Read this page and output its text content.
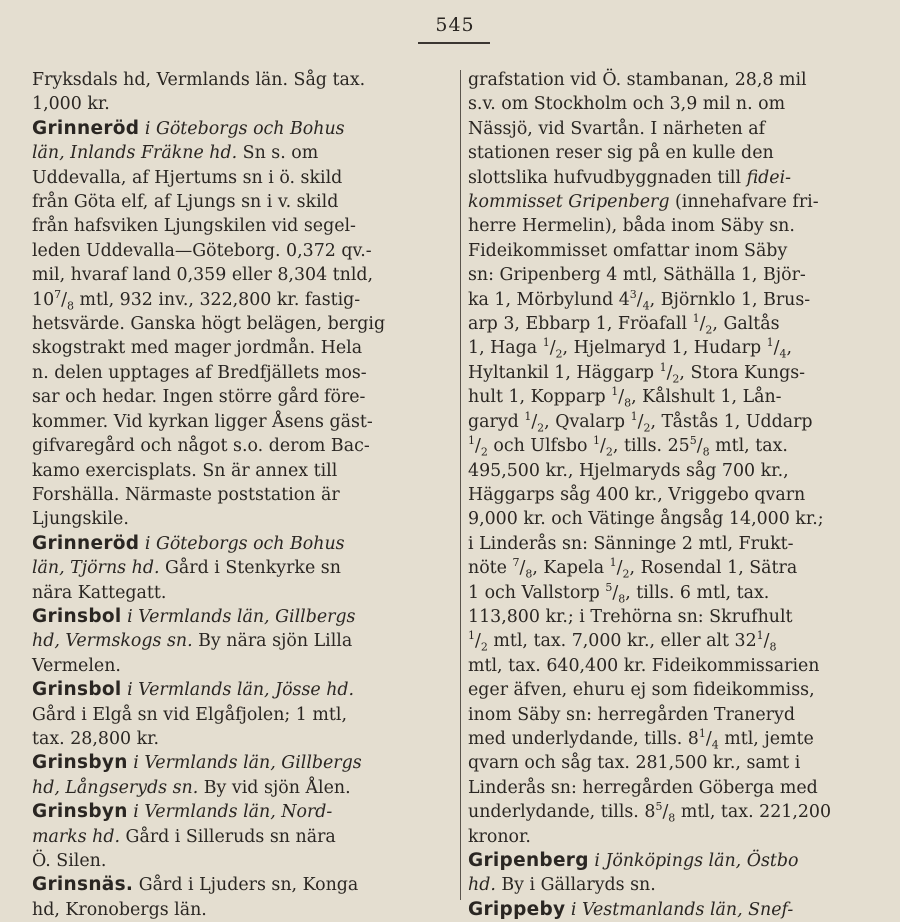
545
Fryksdals hd, Vermlands län. Såg tax.
1,000 kr.
Grinneröd i Göteborgs och Bohus
län, Inlands Fräkne hd. Sn s. om
Uddevalla, af Hjertums sn i ö. skild
från Göta elf, af Ljungs sn i v. skild
från hafsviken Ljungskilen vid segel-
leden Uddevalla—Göteborg. 0,372 qv.-
mil, hvaraf land 0,359 eller 8,304 tnld,
$10^7/_8$ mtl, 932 inv., 322,800 kr. fastig-
hetsvärde. Ganska högt belägen, bergig
skogstrakt med mager jordmån. Hela
n. delen upptages af Bredfjällets mos-
sar och hedar. Ingen större gård före-
kommer. Vid kyrkan ligger Åsens gäst-
gifvaregård och något s.o. derom Bac-
kamo exercisplats. Sn är annex till
Forshälla. Närmaste poststation är
Ljungskile.
Grinneröd i Göteborgs och Bohus
län, Tjörns hd. Gård i Stenkyrke sn
nära Kattegatt.
Grinsbol i Vermlands län, Gillbergs
hd, Vermskogs sn. By nära sjön Lilla
Vermelen.
Grinsbol i Vermlands län, Jösse hd.
Gård i Elgå sn vid Elgåfjolen; 1 mtl,
tax. 28,800 kr.
Grinsbyn i Vermlands län, Gillbergs
hd, Långseryds sn. By vid sjön Ålen.
Grinsbyn i Vermlands län, Nord-
marks hd. Gård i Silleruds sn nära
Ö. Silen.
Grinsnäs. Gård i Ljuders sn, Konga
hd, Kronobergs län.
grafstation vid Ö. stambanan, 28,8 mil
s.v. om Stockholm och 3,9 mil n. om
Nässjö, vid Svartån. I närheten af
stationen reser sig på en kulle den
slottslika hufvudbyggnaden till fidei-
kommisset Gripenberg (innehafvare fri-
herre Hermelin), båda inom Säby sn.
Fideikommisset omfattar inom Säby
sn: Gripenberg 4 mtl, Säthälla 1, Björ-
ka 1, Mörbylund $4^3/_4$, Björnklo 1, Brus-
arp 3, Ebbarp 1, Fröafall $^1/_2$, Galtås
1, Haga $^1/_2$, Hjelmaryd 1, Hudarp $^1/_4$,
Hyltankil 1, Häggarp $^1/_2$, Stora Kungs-
hult 1, Kopparp $^1/_8$, Kålshult 1, Lån-
garyd $^1/_2$, Qvalarp $^1/_2$, Tåstås 1, Uddarp
$^1/_2$ och Ulfsbo $^1/_2$, tills. $25^5/_8$ mtl, tax.
495,500 kr., Hjelmaryds såg 700 kr.,
Häggarps såg 400 kr., Vriggebo qvarn
9,000 kr. och Vätinge ångsåg 14,000 kr.;
i Linderås sn: Sänninge 2 mtl, Frukt-
nöte $^7/_8$, Kapela $^1/_2$, Rosendal 1, Sätra
1 och Vallstorp $^5/_8$, tills. 6 mtl, tax.
113,800 kr.; i Trehörna sn: Skrufhult
$^1/_2$ mtl, tax. 7,000 kr., eller alt $32^1/_8$
mtl, tax. 640,400 kr. Fideikommissarien
eger äfven, ehuru ej som fideikommiss,
inom Säby sn: herregården Traneryd
med underlydande, tills. $8^1/_4$ mtl, jemte
qvarn och såg tax. 281,500 kr., samt i
Linderås sn: herregården Göberga med
underlydande, tills. $8^5/_8$ mtl, tax. 221,200
kronor.
Gripenberg i Jönköpings län, Östbo
hd. By i Gällaryds sn.
Grippeby i Vestmanlands län, Snef-
